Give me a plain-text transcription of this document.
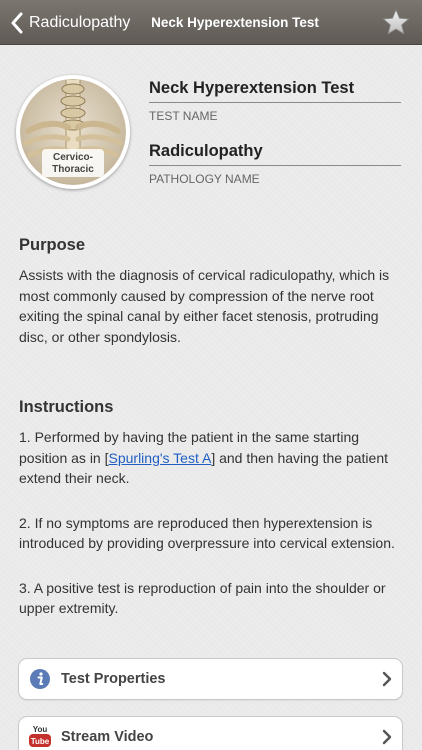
Radiculopathy	Neck Hyperextension Test
Cervico-
Thoracic
Neck Hyperextension Test
TEST NAME
Radiculopathy
PATHOLOGY NAME
Purpose
Assists with the diagnosis of cervical radiculopathy, which is most commonly caused by compression of the nerve root exiting the spinal canal by either facet stenosis, protruding disc, or other spondylosis.
Instructions
1. Performed by having the patient in the same starting position as in [Spurling's Test A] and then having the patient extend their neck.
2. If no symptoms are reproduced then hyperextension is introduced by providing overpressure into cervical extension.
3. A positive test is reproduction of pain into the shoulder or upper extremity.
Test Properties
You
Tube Stream Video
